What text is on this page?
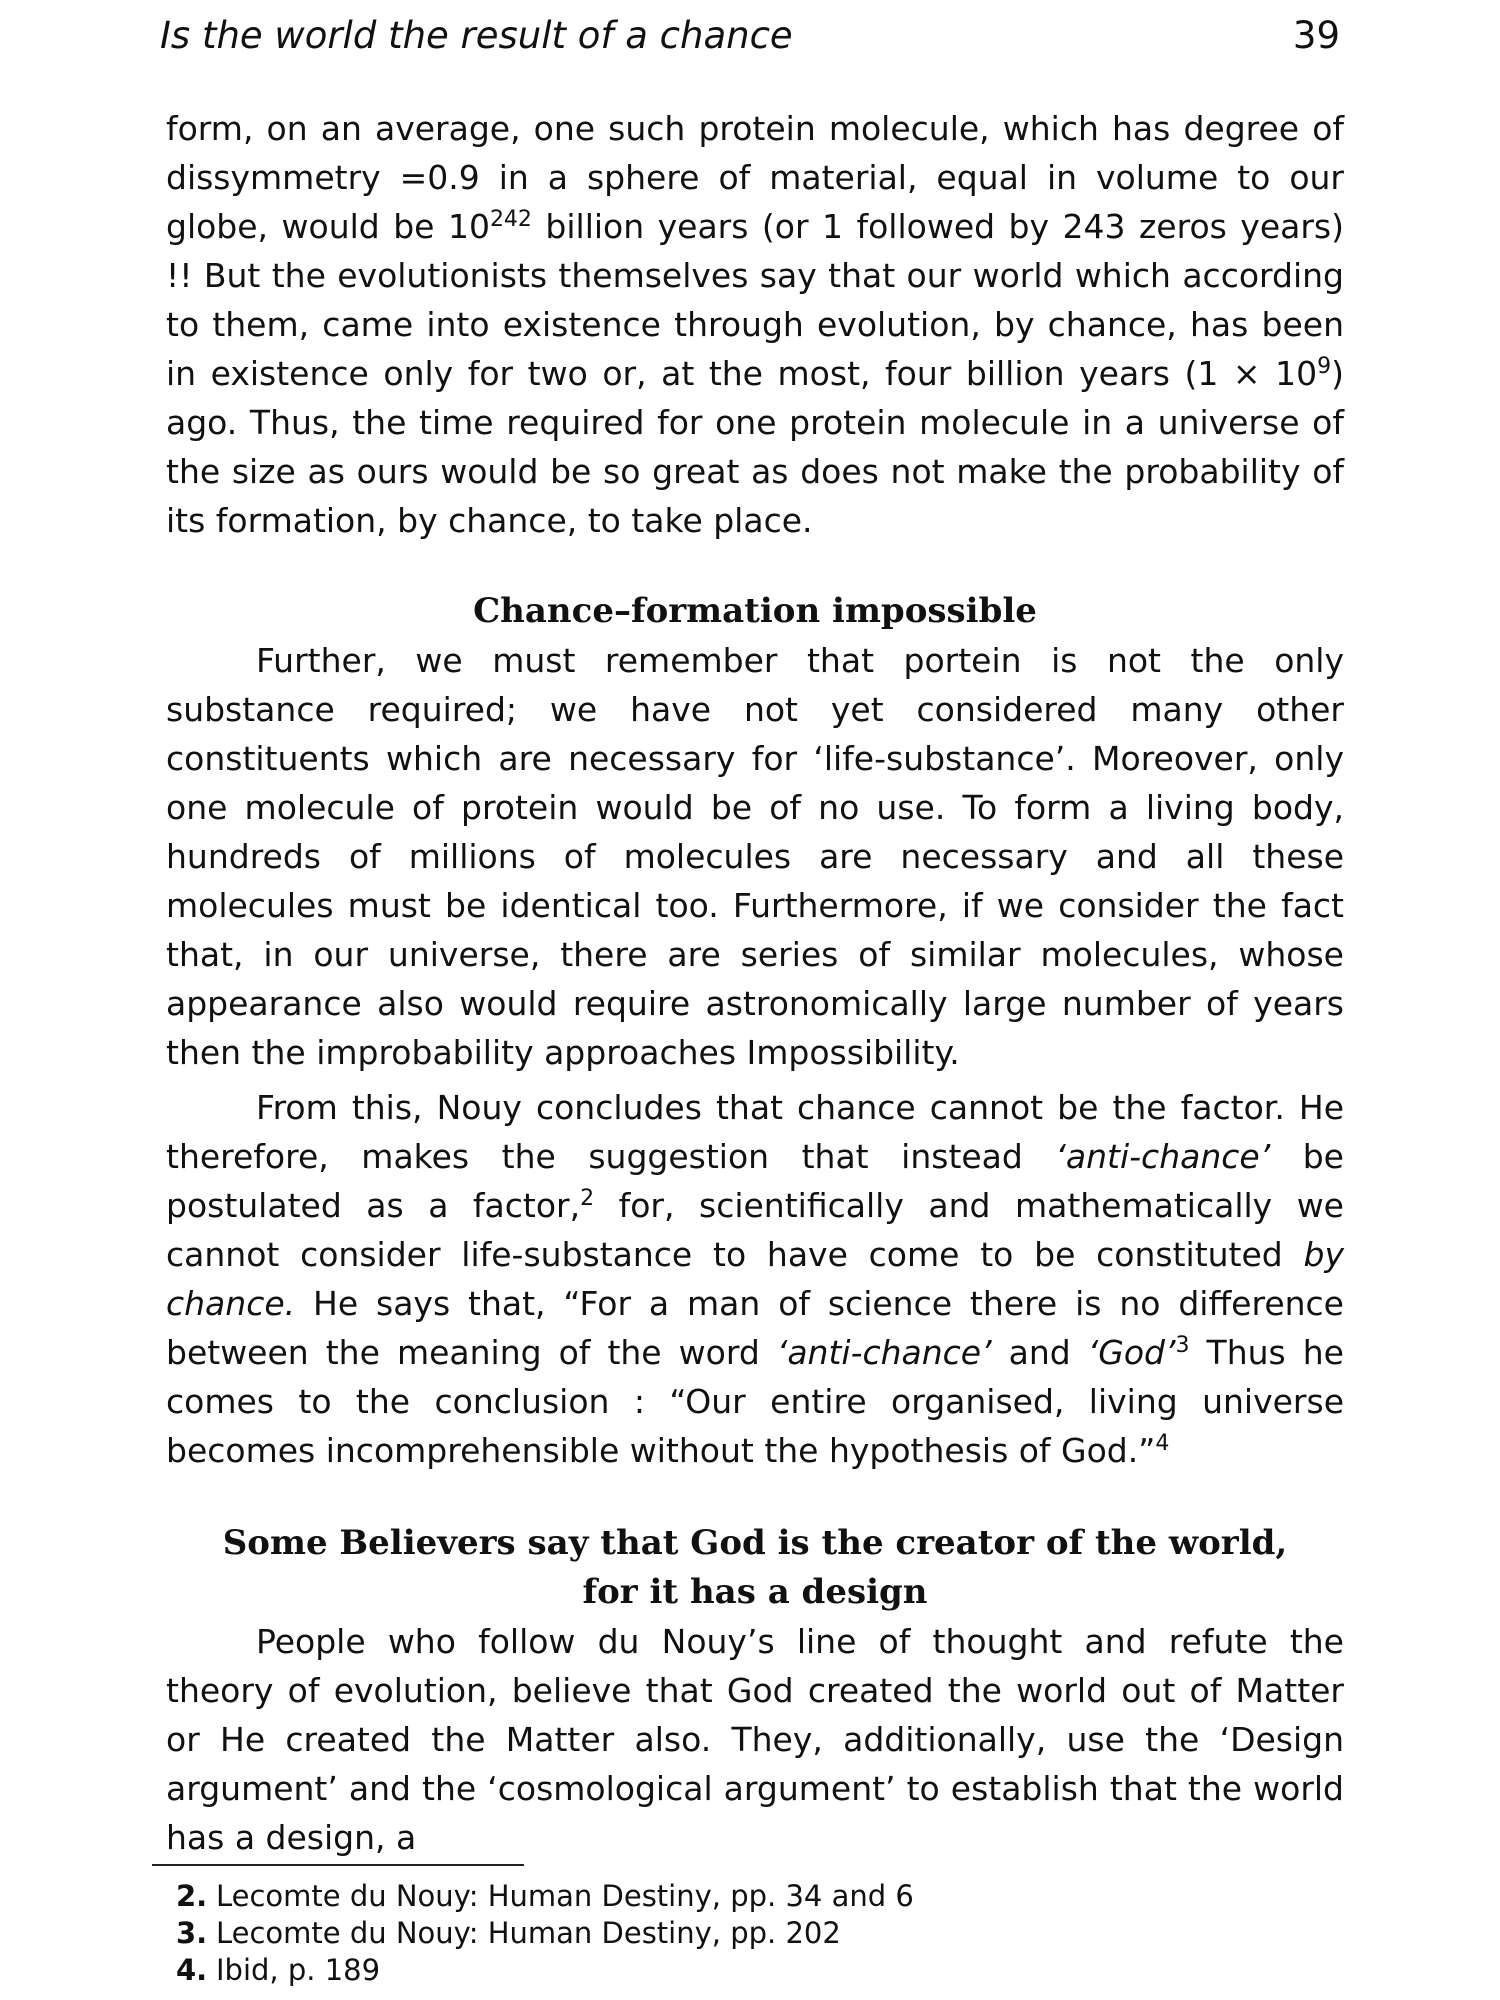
Is the world the result of a chance	39

form, on an average, one such protein molecule, which has degree of dissymmetry =0.9 in a sphere of material, equal in volume to our globe, would be $10^{242}$ billion years (or 1 followed by 243 zeros years) !! But the evolutionists themselves say that our world which according to them, came into existence through evolution, by chance, has been in existence only for two or, at the most, four billion years $(1 \times 10^9)$ ago. Thus, the time required for one protein molecule in a universe of the size as ours would be so great as does not make the probability of its formation, by chance, to take place.

Chance–formation impossible

Further, we must remember that portein is not the only substance required; we have not yet considered many other constituents which are necessary for ‘life-substance’. Moreover, only one molecule of protein would be of no use. To form a living body, hundreds of millions of molecules are necessary and all these molecules must be identical too. Furthermore, if we consider the fact that, in our universe, there are series of similar molecules, whose appearance also would require astronomically large number of years then the improbability approaches Impossibility.

From this, Nouy concludes that chance cannot be the factor. He therefore, makes the suggestion that instead ‘anti-chance’ be postulated as a factor,$^2$ for, scientifically and mathematically we cannot consider life-substance to have come to be constituted by chance. He says that, “For a man of science there is no difference between the meaning of the word ‘anti-chance’ and ‘God’$^3$ Thus he comes to the conclusion : “Our entire organised, living universe becomes incomprehensible without the hypothesis of God.”$^4$

Some Believers say that God is the creator of the world,
for it has a design

People who follow du Nouy’s line of thought and refute the theory of evolution, believe that God created the world out of Matter or He created the Matter also. They, additionally, use the ‘Design argument’ and the ‘cosmological argument’ to establish that the world has a design, a

2. Lecomte du Nouy: Human Destiny, pp. 34 and 6
3. Lecomte du Nouy: Human Destiny, pp. 202
4. Ibid, p. 189
